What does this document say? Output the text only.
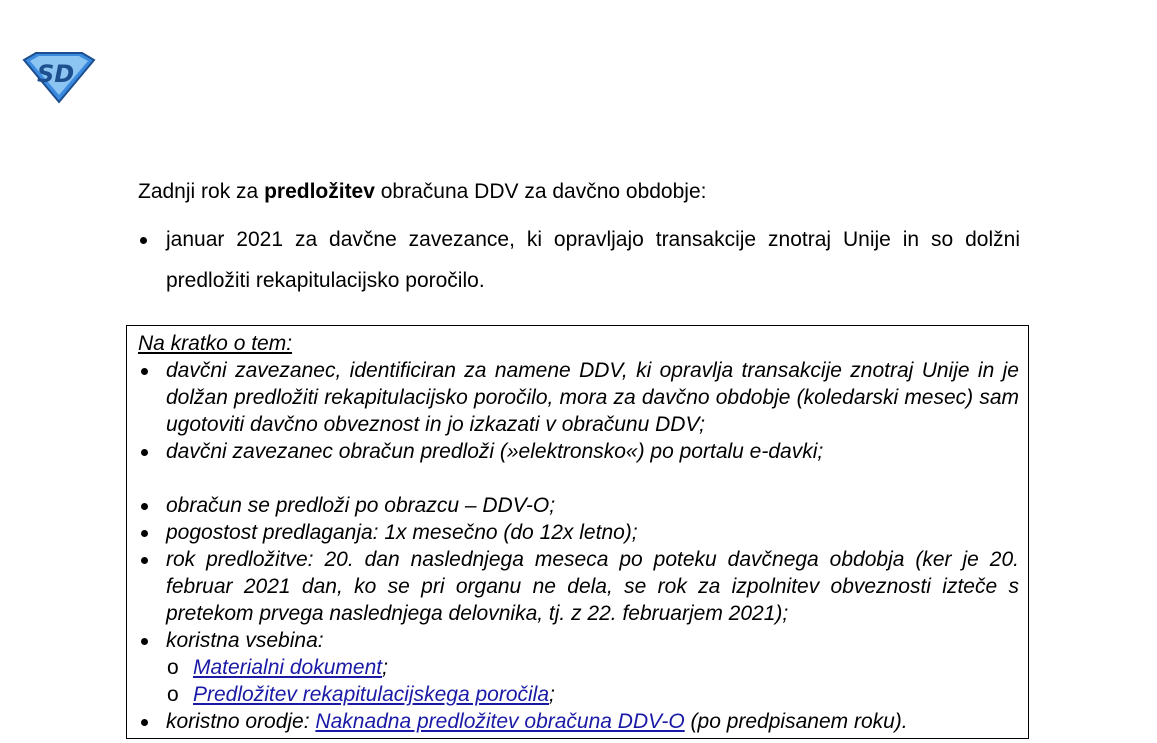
SD

Zadnji rok za predložitev obračuna DDV za davčno obdobje:

januar 2021 za davčne zavezance, ki opravljajo transakcije znotraj Unije in so dolžni predložiti rekapitulacijsko poročilo.

Na kratko o tem:

davčni zavezanec, identificiran za namene DDV, ki opravlja transakcije znotraj Unije in je dolžan predložiti rekapitulacijsko poročilo, mora za davčno obdobje (koledarski mesec) sam ugotoviti davčno obveznost in jo izkazati v obračunu DDV;
davčni zavezanec obračun predloži (»elektronsko«) po portalu e-davki;
obračun se predloži po obrazcu – DDV-O;
pogostost predlaganja: 1x mesečno (do 12x letno);
rok predložitve: 20. dan naslednjega meseca po poteku davčnega obdobja (ker je 20. februar 2021 dan, ko se pri organu ne dela, se rok za izpolnitev obveznosti izteče s pretekom prvega naslednjega delovnika, tj. z 22. februarjem 2021);
koristna vsebina:
o Materialni dokument;
o Predložitev rekapitulacijskega poročila;
koristno orodje: Naknadna predložitev obračuna DDV-O (po predpisanem roku).
